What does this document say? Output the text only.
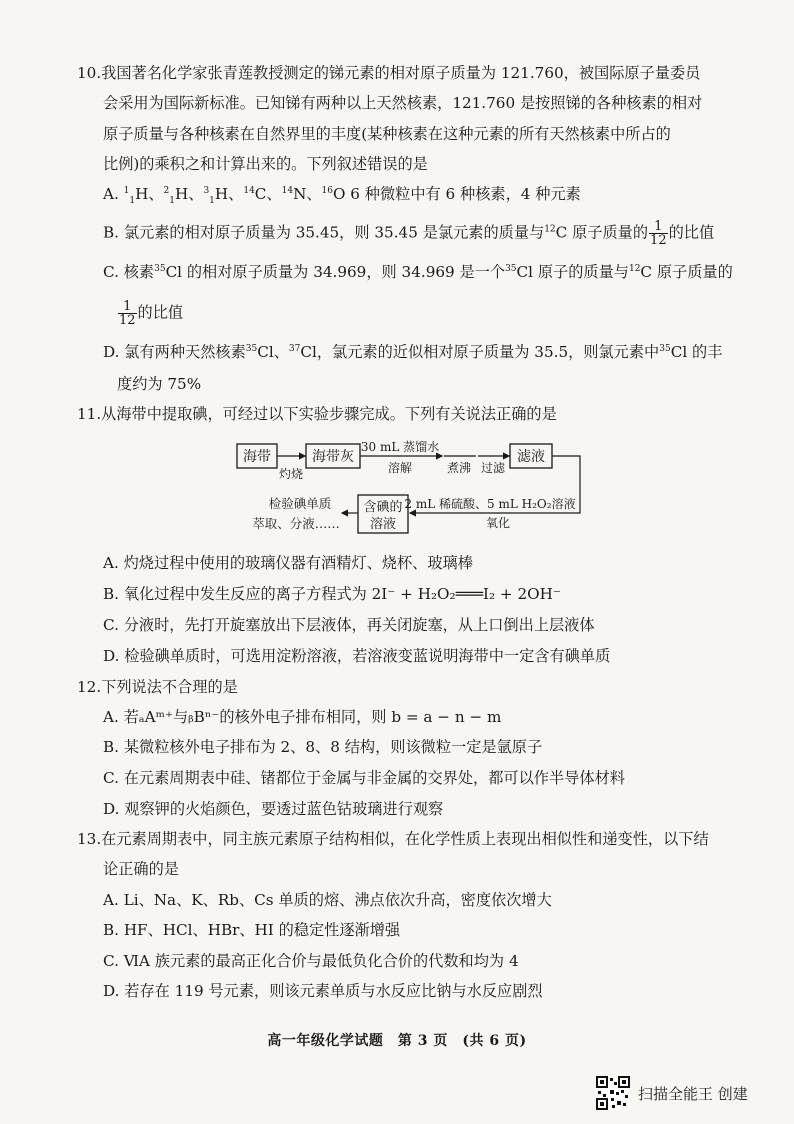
10.我国著名化学家张青莲教授测定的锑元素的相对原子质量为 121.760，被国际原子量委员
会采用为国际新标准。已知锑有两种以上天然核素，121.760 是按照锑的各种核素的相对
原子质量与各种核素在自然界里的丰度(某种核素在这种元素的所有天然核素中所占的
比例)的乘积之和计算出来的。下列叙述错误的是
A. $^1_1$H、$^2_1$H、$^3_1$H、$^{14}$C、$^{14}$N、$^{16}$O 6 种微粒中有 6 种核素，4 种元素
B. 氯元素的相对原子质量为 35.45，则 35.45 是氯元素的质量与$^{12}$C 原子质量的 $\frac{1}{12}$ 的比值
C. 核素$^{35}$Cl 的相对原子质量为 34.969，则 34.969 是一个$^{35}$Cl 原子的质量与$^{12}$C 原子质量的
$\frac{1}{12}$ 的比值
D. 氯有两种天然核素$^{35}$Cl、$^{37}$Cl，氯元素的近似相对原子质量为 35.5，则氯元素中$^{35}$Cl 的丰
度约为 75%
11.从海带中提取碘，可经过以下实验步骤完成。下列有关说法正确的是
海带	海带灰	滤液
含碘的
溶液
灼烧
30 mL 蒸馏水
溶解	煮沸 过滤
2 mL 稀硫酸、5 mL H₂O₂溶液
氧化
检验碘单质
萃取、分液……
A. 灼烧过程中使用的玻璃仪器有酒精灯、烧杯、玻璃棒
B. 氧化过程中发生反应的离子方程式为 2I⁻ + H₂O₂═══I₂ + 2OH⁻
C. 分液时，先打开旋塞放出下层液体，再关闭旋塞，从上口倒出上层液体
D. 检验碘单质时，可选用淀粉溶液，若溶液变蓝说明海带中一定含有碘单质
12.下列说法不合理的是
A. 若ₐAᵐ⁺与ᵦBⁿ⁻的核外电子排布相同，则 b = a − n − m
B. 某微粒核外电子排布为 2、8、8 结构，则该微粒一定是氩原子
C. 在元素周期表中硅、锗都位于金属与非金属的交界处，都可以作半导体材料
D. 观察钾的火焰颜色，要透过蓝色钴玻璃进行观察
13.在元素周期表中，同主族元素原子结构相似，在化学性质上表现出相似性和递变性，以下结
论正确的是
A. Li、Na、K、Rb、Cs 单质的熔、沸点依次升高，密度依次增大
B. HF、HCl、HBr、HI 的稳定性逐渐增强
C. ⅥA 族元素的最高正化合价与最低负化合价的代数和均为 4
D. 若存在 119 号元素，则该元素单质与水反应比钠与水反应剧烈
高一年级化学试题　第 3 页　(共 6 页)
扫描全能王 创建
